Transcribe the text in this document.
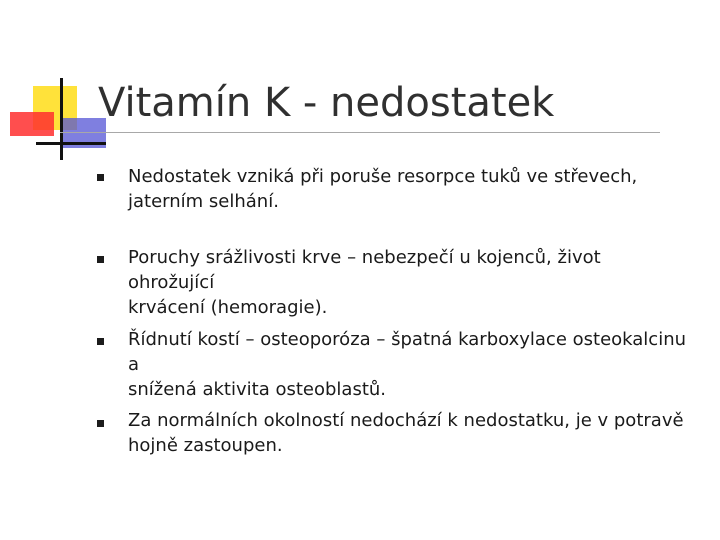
Vitamín K - nedostatek
Nedostatek vzniká při poruše resorpce tuků ve střevech,
jaterním selhání.
Poruchy srážlivosti krve – nebezpečí u kojenců, život ohrožující
krvácení (hemoragie).
Řídnutí kostí – osteoporóza – špatná karboxylace osteokalcinu a
snížená aktivita osteoblastů.
Za normálních okolností nedochází k nedostatku, je v potravě
hojně zastoupen.
